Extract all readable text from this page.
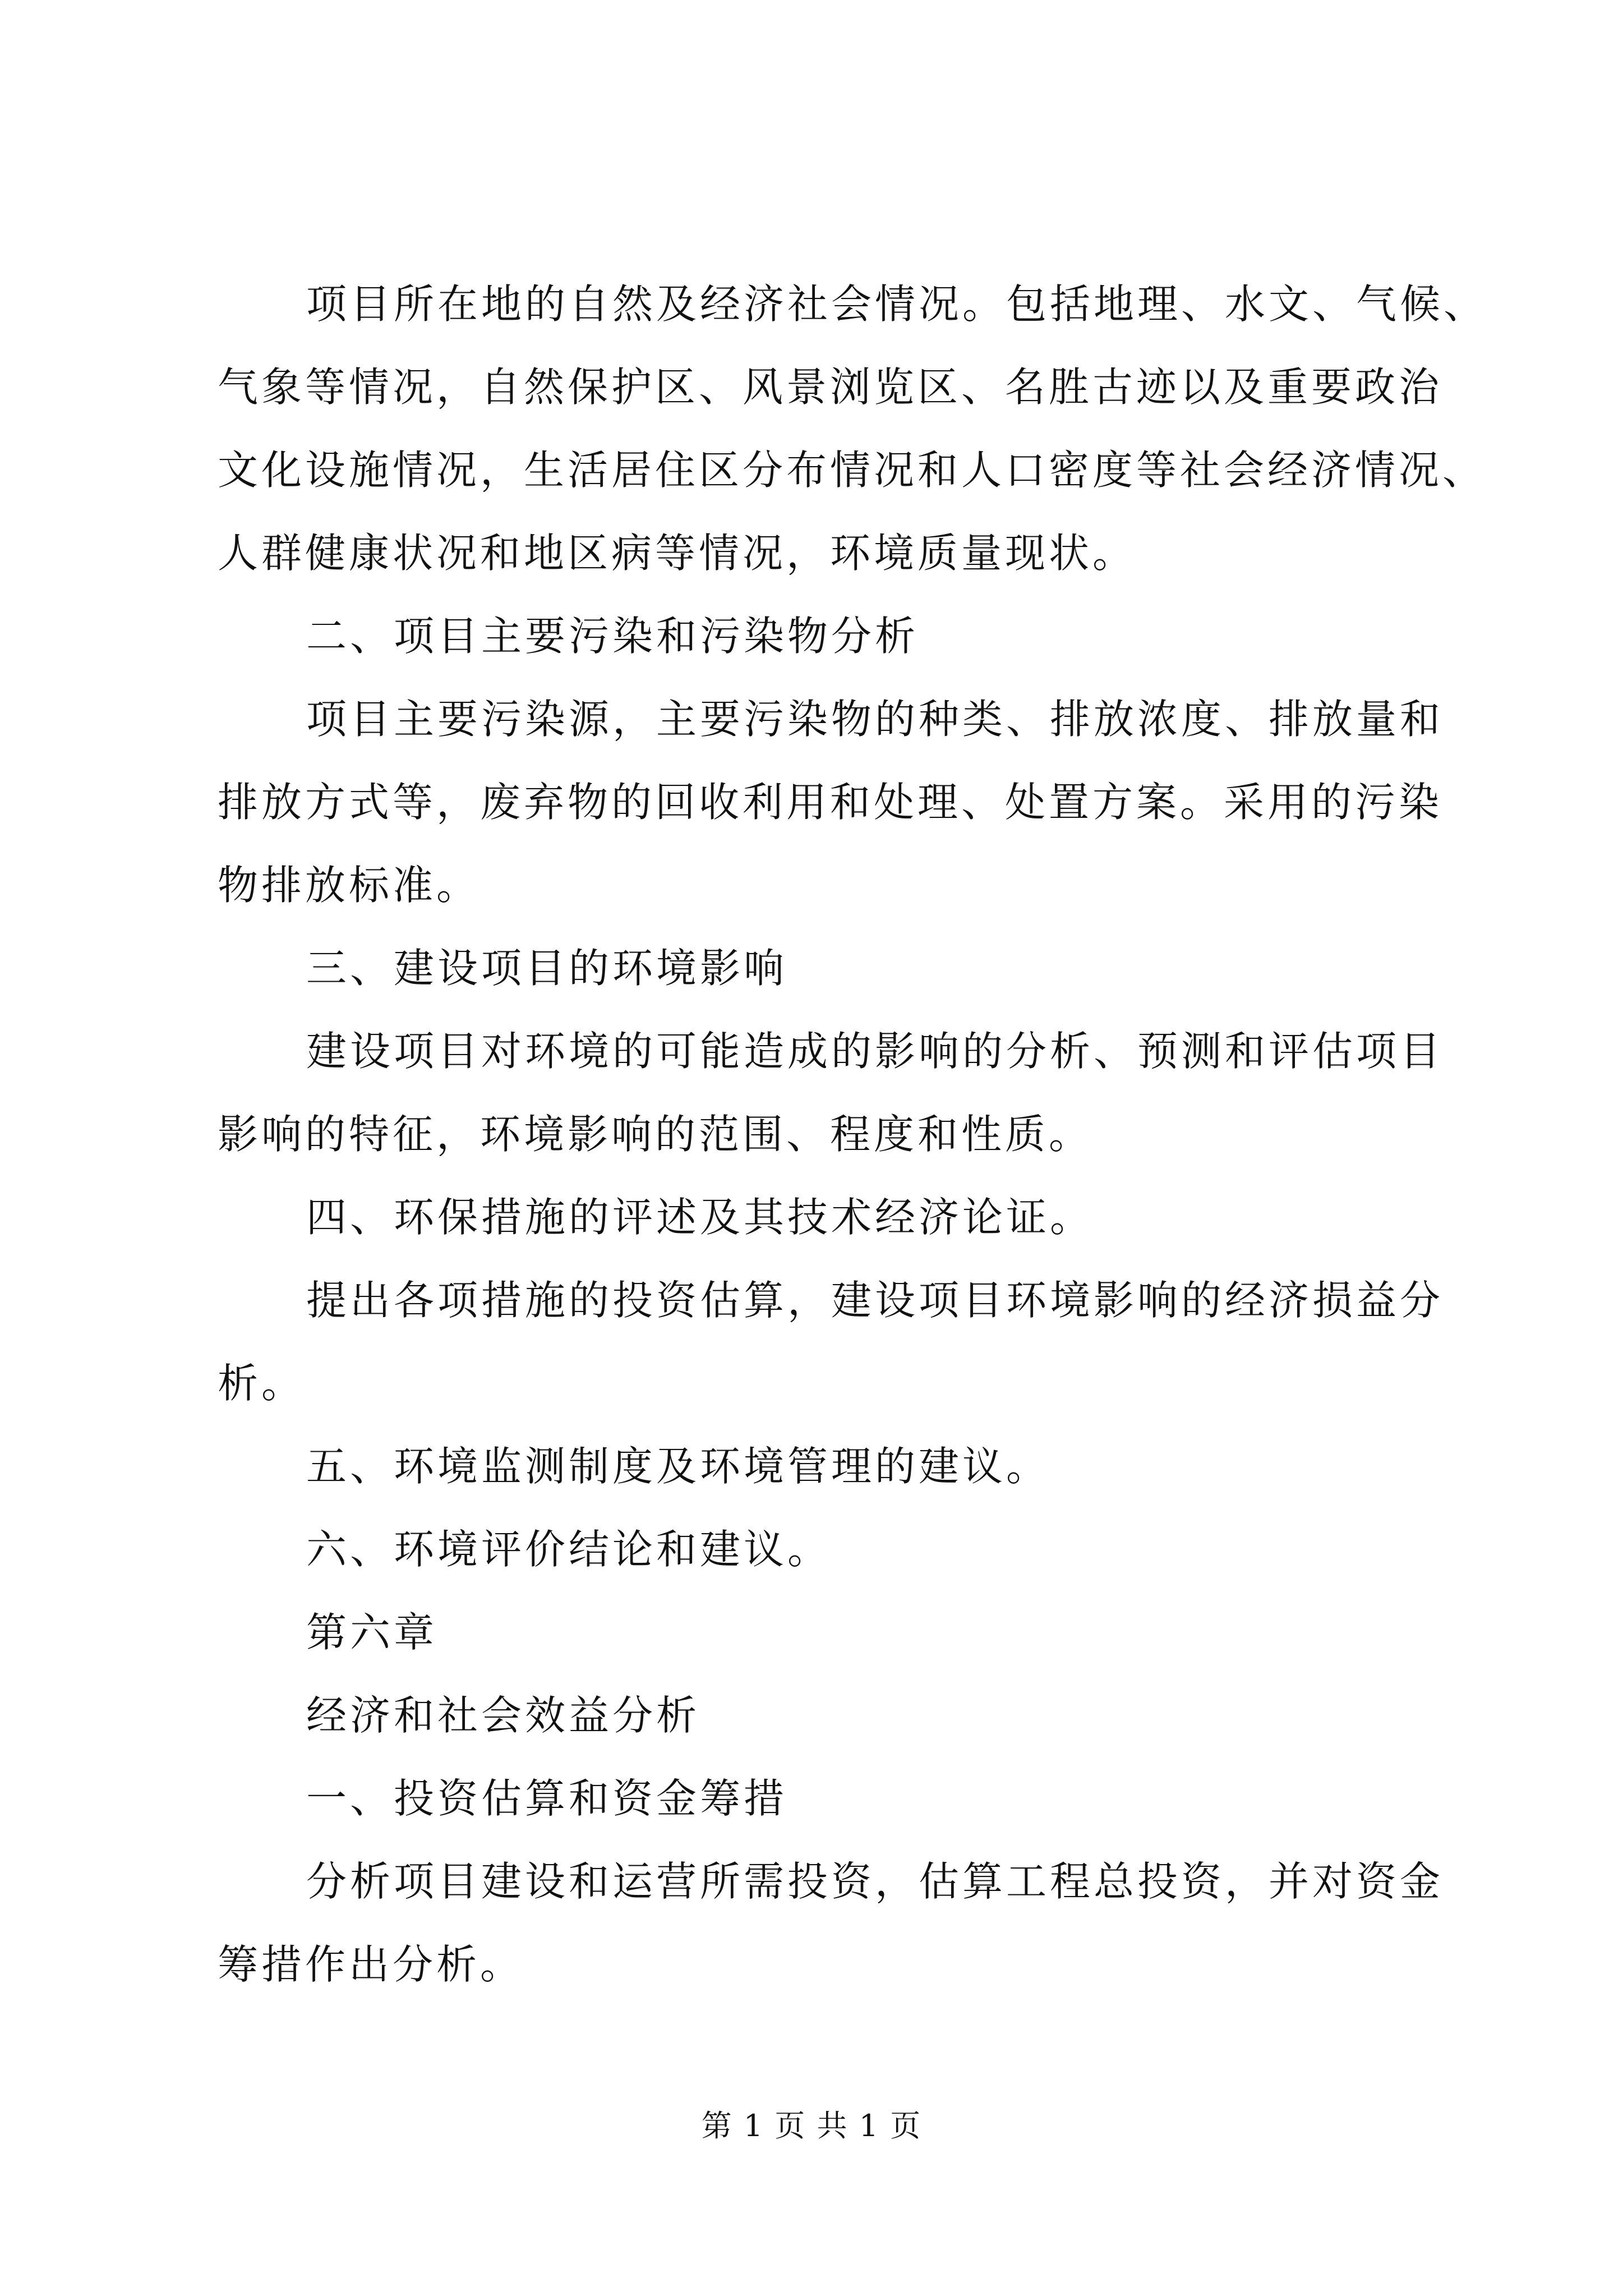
项目所在地的自然及经济社会情况。包括地理、水文、气候、
气象等情况，自然保护区、风景浏览区、名胜古迹以及重要政治
文化设施情况，生活居住区分布情况和人口密度等社会经济情况、
人群健康状况和地区病等情况，环境质量现状。
二、项目主要污染和污染物分析
项目主要污染源，主要污染物的种类、排放浓度、排放量和
排放方式等，废弃物的回收利用和处理、处置方案。采用的污染
物排放标准。
三、建设项目的环境影响
建设项目对环境的可能造成的影响的分析、预测和评估项目
影响的特征，环境影响的范围、程度和性质。
四、环保措施的评述及其技术经济论证。
提出各项措施的投资估算，建设项目环境影响的经济损益分
析。
五、环境监测制度及环境管理的建议。
六、环境评价结论和建议。
第六章
经济和社会效益分析
一、投资估算和资金筹措
分析项目建设和运营所需投资，估算工程总投资，并对资金
筹措作出分析。
第 1 页 共 1 页
